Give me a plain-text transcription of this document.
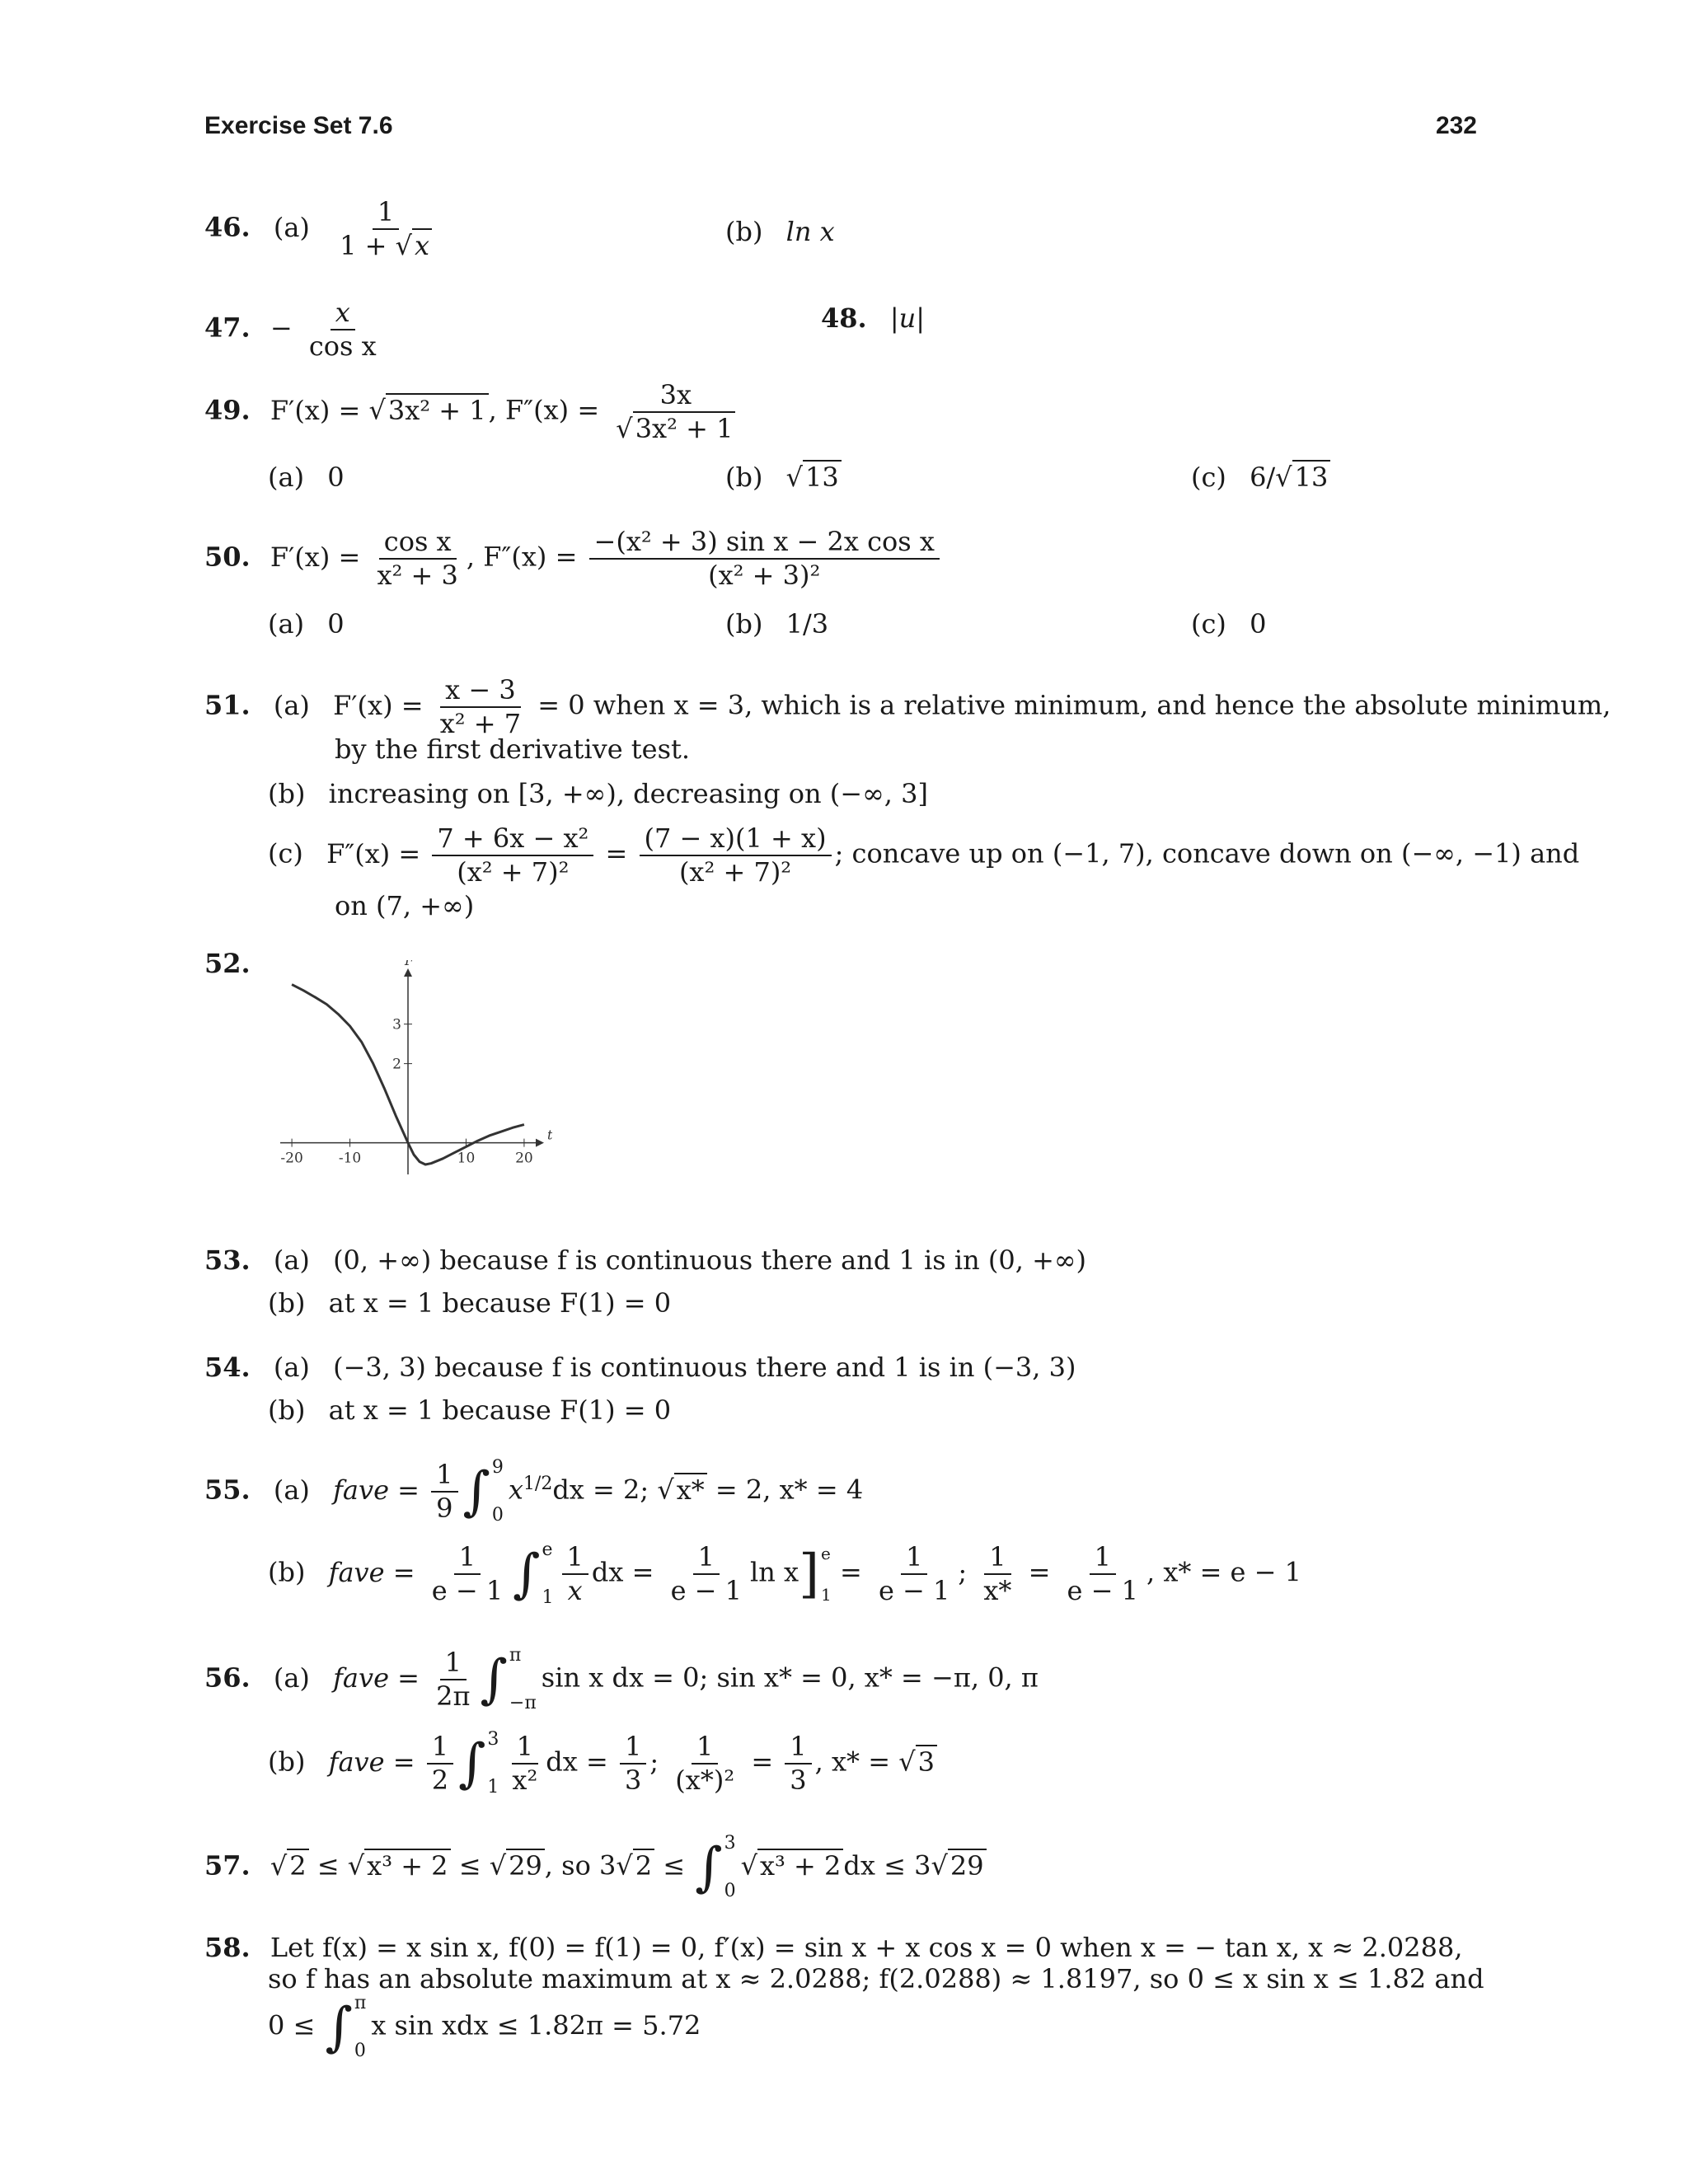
Exercise Set 7.6	232
46. $(a) \frac{1}{1 + √x}$	(b) ln x
47. − $\frac{x}{\text{cos x}}$	48. |u|
49. F′(x) = √3x² + 1, $F''(x) = \frac{3x}{\text{√3x² + 1}}$
(a) 0	(b) √13	(c) 6/√13
50. $F'(x) = \frac{\text{cos x}}{\text{x² + 3}}$ , $F''(x) = \frac{\text{−(x² + 3) sin x − 2x cos x}}{\text{(x² + 3)²}}$
(a) 0	(b) 1/3	(c) 0
51. (a) $F'(x) = \frac{x - 3}{\text{x² + 7}} = 0$ when x = 3, which is a relative minimum, and hence the absolute minimum,
by the first derivative test.
(b) increasing on [3, +∞), decreasing on (−∞, 3]
(c) $F''(x) = \frac{\text{7 + 6x − x²}}{\text{(x² + 7)²}} = \frac{(7 - x)(1 + x)}{\text{(x² + 7)²}}$ ; concave up on (−1, 7), concave down on (−∞, −1) and
on (7, +∞)
52.
t
F
-20	-10	10	20
2
3
53. (a) (0, +∞) because f is continuous there and 1 is in (0, +∞)
(b) at x = 1 because F(1) = 0
54. (a) (−3, 3) because f is continuous there and 1 is in (−3, 3)
(b) at x = 1 because F(1) = 0
55. (a) fave = $\frac{1}{9}$ ∫ 9
0
$x^{1/2}dx = 2$; √x* = 2, x* = 4
(b) fave = $\frac{1}{e - 1}$ ∫ e
$1 \frac{1}{x}$ dx = $\frac{1}{e - 1}$ ln x] e
1
= $\frac{1}{e - 1}$ ; $\frac{1}{x*} = \frac{1}{e - 1}$ , x* = e − 1
56. (a) fave = $\frac{1}{2\pi}$ ∫ π
−π
sin x dx = 0; sin x* = 0, x* = −π, 0, π
(b) fave = $\frac{1}{2}$ ∫ 3
$1 \frac{1}{\text{x²}}$ dx = $\frac{1}{3}$ ; $\frac{1}{\text{(x*)²}} = \frac{1}{3}$ , x* = √3
57. √2 ≤ √x³ + 2 ≤ √29, so 3√2 ≤ ∫ 3
0
√x³ + 2dx ≤ 3√29
58. Let f(x) = x sin x, f(0) = f(1) = 0, f′(x) = sin x + x cos x = 0 when x = − tan x, x ≈ 2.0288,
so f has an absolute maximum at x ≈ 2.0288; f(2.0288) ≈ 1.8197, so 0 ≤ x sin x ≤ 1.82 and
0 ≤ ∫ π
0
x sin xdx ≤ 1.82π = 5.72
